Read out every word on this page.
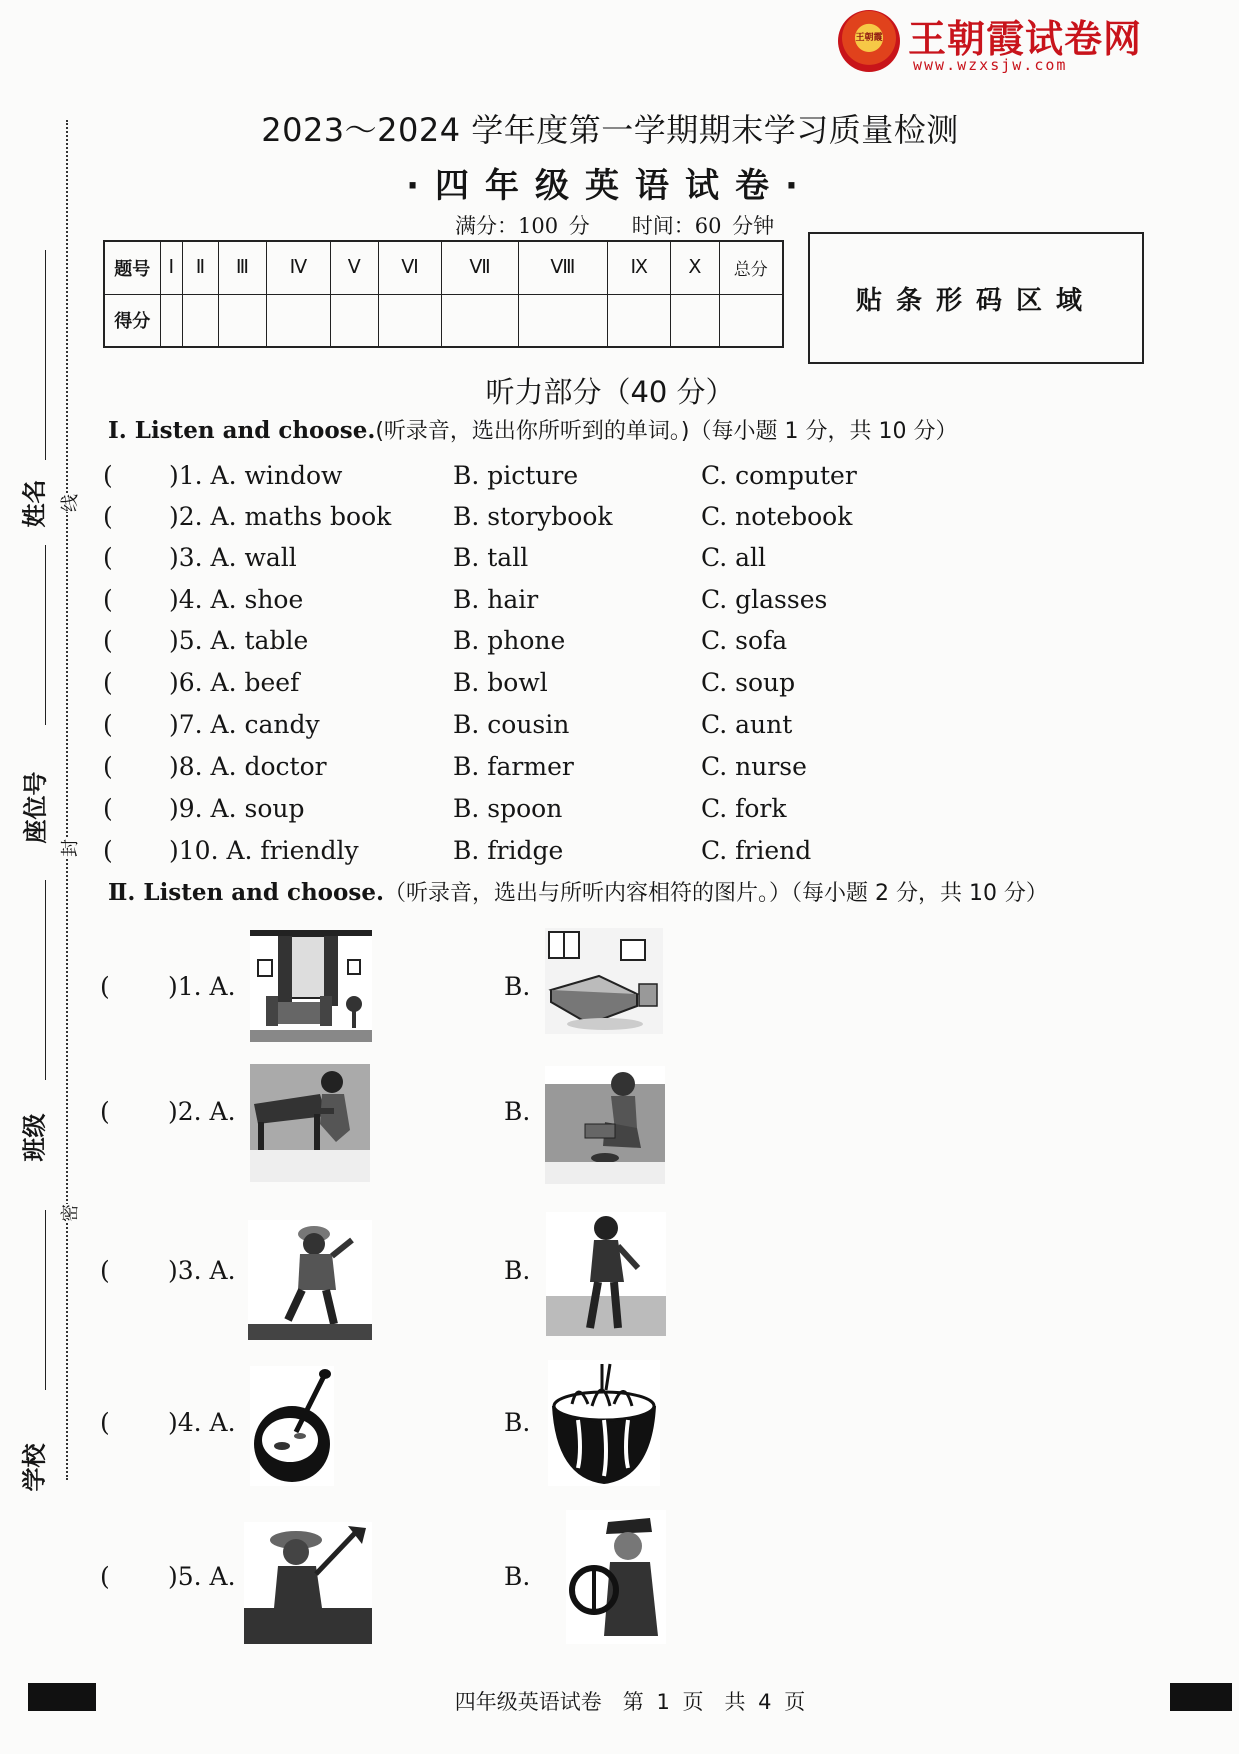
王朝霞 王朝霞试卷网
www.wzxsjw.com
姓名 线
座位号
封
班级
密
学校
2023～2024 学年度第一学期期末学习质量检测
·四年级英语试卷·
满分：100 分　　时间：60 分钟
题号	Ⅰ	Ⅱ	Ⅲ	Ⅳ	Ⅴ	Ⅵ	Ⅶ	Ⅷ	Ⅸ	Ⅹ	总分
得分											
贴条形码区域
听力部分（40 分）
Ⅰ. Listen and choose.(听录音，选出你所听到的单词。)（每小题 1 分，共 10 分）
( )1. A. window	B. picture	C. computer
( )2. A. maths book B. storybook	C. notebook
( )3. A. wall	B. tall	C. all
( )4. A. shoe	B. hair	C. glasses
( )5. A. table	B. phone	C. sofa
( )6. A. beef	B. bowl	C. soup
( )7. A. candy	B. cousin	C. aunt
( )8. A. doctor	B. farmer	C. nurse
( )9. A. soup	B. spoon	C. fork
( )10. A. friendly	B. fridge	C. friend
Ⅱ. Listen and choose.（听录音，选出与所听内容相符的图片。）（每小题 2 分，共 10 分）
( )1. A.	B.
( )2. A.	B.
( )3. A.	B.
( )4. A.	B.
( )5. A.	B.
四年级英语试卷　第 1 页　共 4 页
